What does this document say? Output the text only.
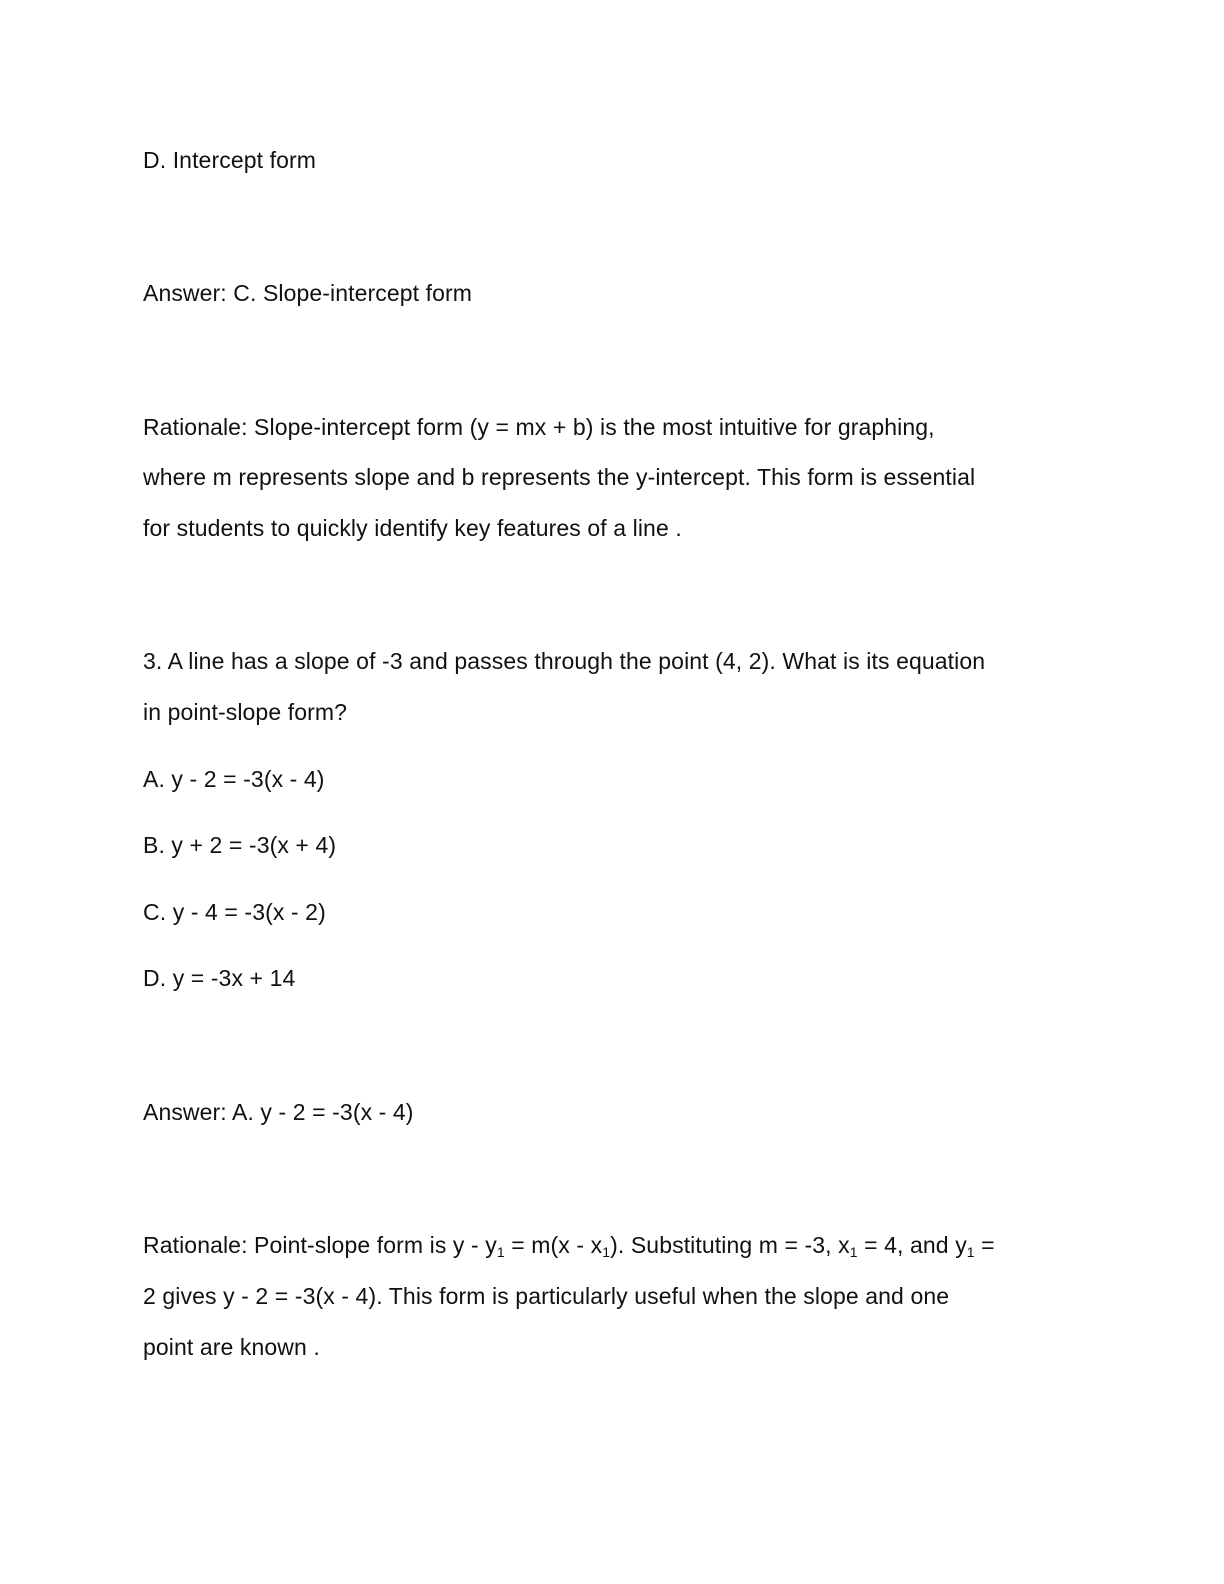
D. Intercept form
Answer: C. Slope-intercept form
Rationale: Slope-intercept form (y = mx + b) is the most intuitive for graphing,
where m represents slope and b represents the y-intercept. This form is essential
for students to quickly identify key features of a line .
3. A line has a slope of -3 and passes through the point (4, 2). What is its equation
in point-slope form?
A. y - 2 = -3(x - 4)
B. y + 2 = -3(x + 4)
C. y - 4 = -3(x - 2)
D. y = -3x + 14
Answer: A. y - 2 = -3(x - 4)
Rationale: Point-slope form is $y - y_1 = m(x - x_1)$. Substituting m = -3, $x_1 = 4$, and $y_1$ =
2 gives y - 2 = -3(x - 4). This form is particularly useful when the slope and one
point are known .
